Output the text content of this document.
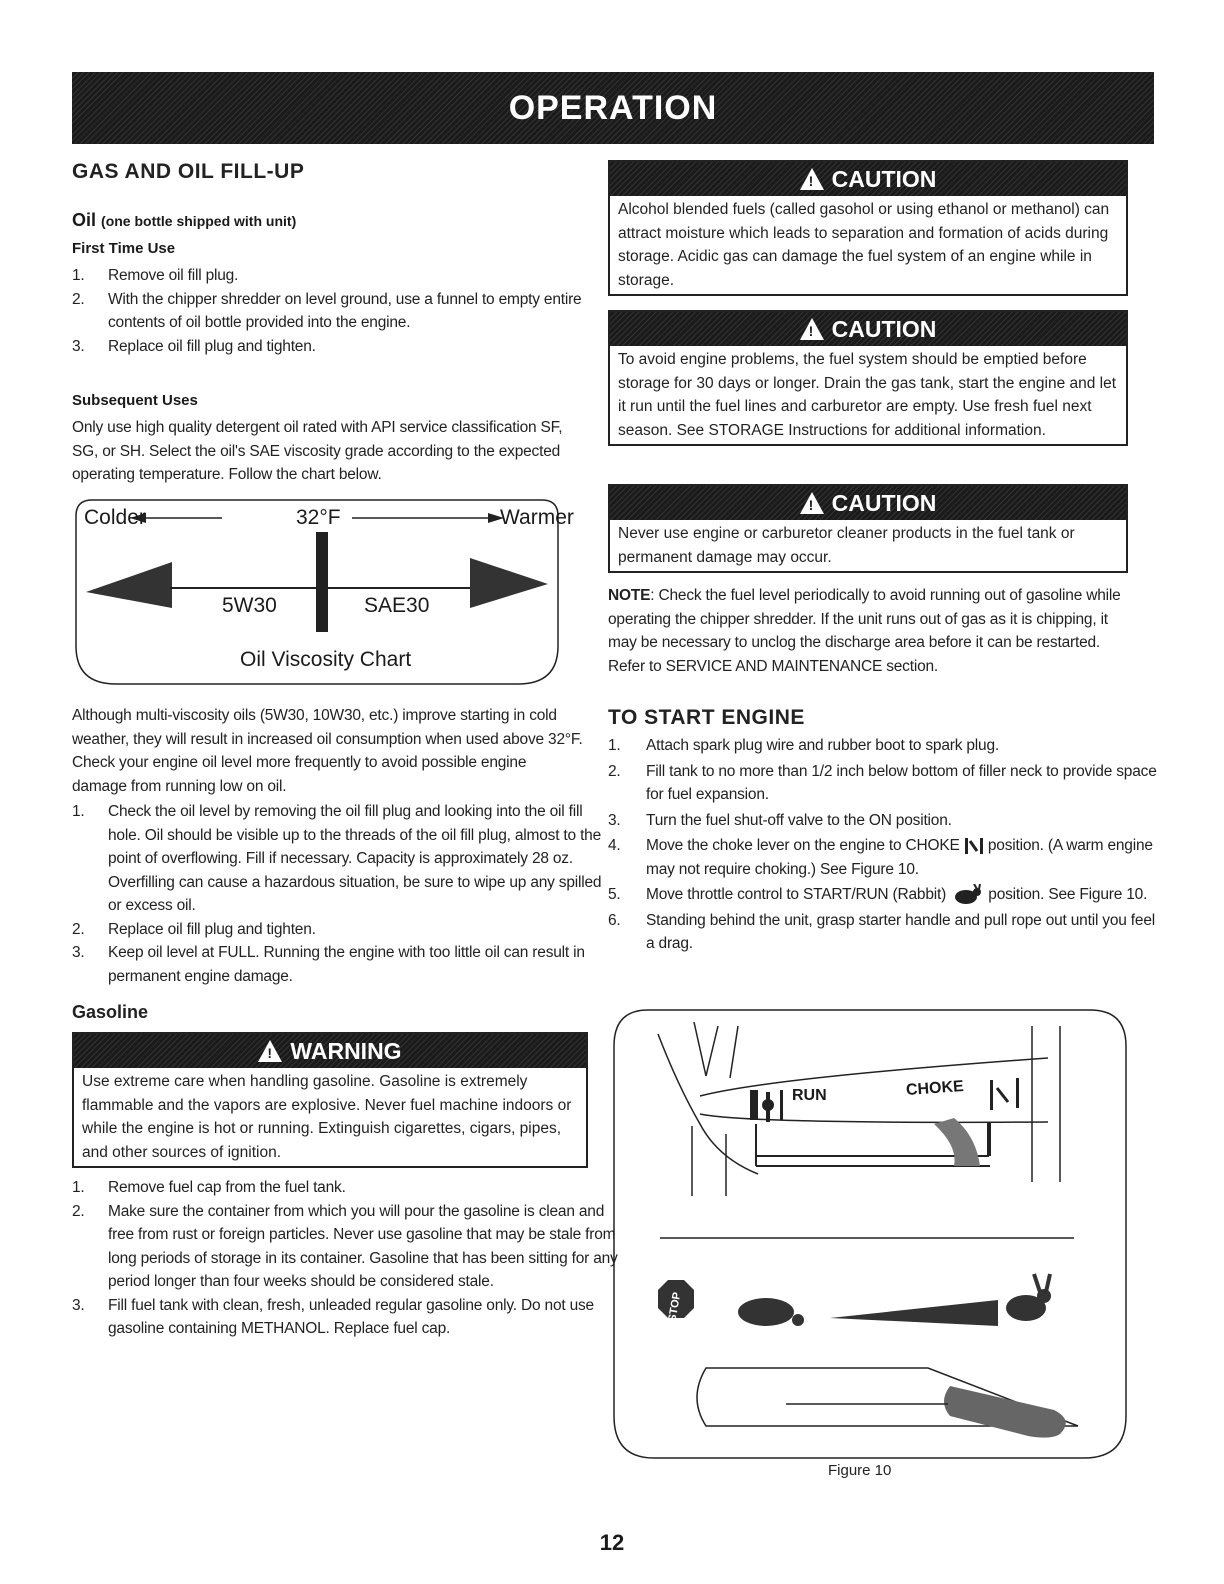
OPERATION
GAS AND OIL FILL-UP
Oil (one bottle shipped with unit)

First Time Use

1. Remove oil fill plug.
2. With the chipper shredder on level ground, use a funnel to empty entire contents of oil bottle provided into the engine.
3. Replace oil fill plug and tighten.

Subsequent Uses

Only use high quality detergent oil rated with API service classification SF, SG, or SH. Select the oil's SAE viscosity grade according to the expected operating temperature. Follow the chart below.

Colder	32°F	Warmer
5W30	SAE30
Oil Viscosity Chart

Although multi-viscosity oils (5W30, 10W30, etc.) improve starting in cold weather, they will result in increased oil consumption when used above 32°F. Check your engine oil level more frequently to avoid possible engine damage from running low on oil.

1. Check the oil level by removing the oil fill plug and looking into the oil fill hole. Oil should be visible up to the threads of the oil fill plug, almost to the point of overflowing. Fill if necessary. Capacity is approximately 28 oz. Overfilling can cause a hazardous situation, be sure to wipe up any spilled or excess oil.
2. Replace oil fill plug and tighten.
3. Keep oil level at FULL. Running the engine with too little oil can result in permanent engine damage.
Gasoline
!
WARNING
Use extreme care when handling gasoline. Gasoline is extremely flammable and the vapors are explosive. Never fuel machine indoors or while the engine is hot or running. Extinguish cigarettes, cigars, pipes, and other sources of ignition.
1. Remove fuel cap from the fuel tank.
2. Make sure the container from which you will pour the gasoline is clean and free from rust or foreign particles. Never use gasoline that may be stale from long periods of storage in its container. Gasoline that has been sitting for any period longer than four weeks should be considered stale.
3. Fill fuel tank with clean, fresh, unleaded regular gasoline only. Do not use gasoline containing METHANOL. Replace fuel cap.
!
CAUTION
Alcohol blended fuels (called gasohol or using ethanol or methanol) can attract moisture which leads to separation and formation of acids during storage. Acidic gas can damage the fuel system of an engine while in storage.
!
CAUTION
To avoid engine problems, the fuel system should be emptied before storage for 30 days or longer. Drain the gas tank, start the engine and let it run until the fuel lines and carburetor are empty. Use fresh fuel next season. See STORAGE Instructions for additional information.
!
CAUTION
Never use engine or carburetor cleaner products in the fuel tank or permanent damage may occur.

NOTE: Check the fuel level periodically to avoid running out of gasoline while operating the chipper shredder. If the unit runs out of gas as it is chipping, it may be necessary to unclog the discharge area before it can be restarted. Refer to SERVICE AND MAINTENANCE section.

TO START ENGINE
1. Attach spark plug wire and rubber boot to spark plug.
2. Fill tank to no more than 1/2 inch below bottom of filler neck to provide space for fuel expansion.
3. Turn the fuel shut-off valve to the ON position.
4. Move the choke lever on the engine to CHOKE position. (A warm engine may not require choking.) See Figure 10.
5. Move throttle control to START/RUN (Rabbit)	position. See Figure 10.
6. Standing behind the unit, grasp starter handle and pull rope out until you feel a drag.
RUN	CHOKE
STOP
Figure 10
12
